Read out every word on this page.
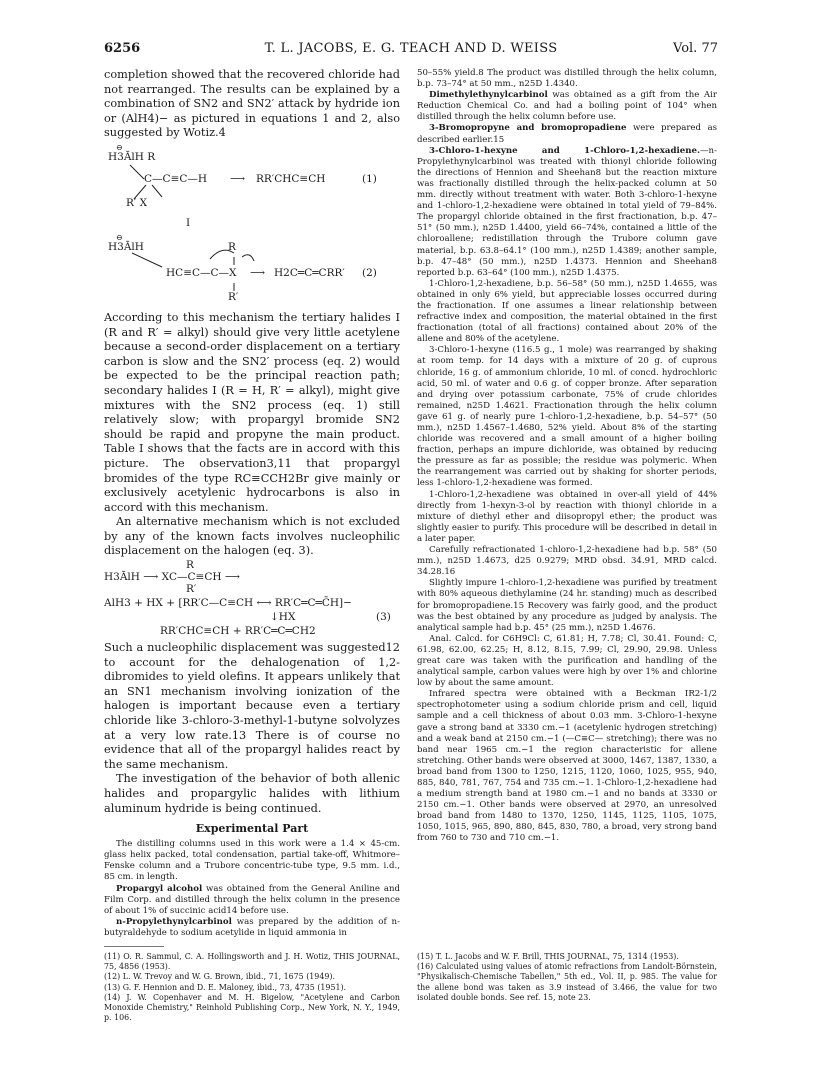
6256	T. L. JACOBS, E. G. TEACH AND D. WEISS	Vol. 77

completion showed that the recovered chloride had not rearranged. The results can be explained by a combination of SN2 and SN2′ attack by hydride ion or (AlH4)− as pictured in equations 1 and 2, also suggested by Wotiz.4

⊖
H3ĀlH R
C—C≡C—H ⟶ RR′CHC≡CH	(1)
R′ X
I
⊖
H3ĀlH	R
HC≡C—C—X ⟶ H2C═C═CRR′ (2)
R′

According to this mechanism the tertiary halides I (R and R′ = alkyl) should give very little acetylene because a second-order displacement on a tertiary carbon is slow and the SN2′ process (eq. 2) would be expected to be the principal reaction path; secondary halides I (R = H, R′ = alkyl), might give mixtures with the SN2 process (eq. 1) still relatively slow; with propargyl bromide SN2 should be rapid and propyne the main product. Table I shows that the facts are in accord with this picture. The observation3,11 that propargyl bromides of the type RC≡CCH2Br give mainly or exclusively acetylenic hydrocarbons is also in accord with this mechanism.

An alternative mechanism which is not excluded by any of the known facts involves nucleophilic displacement on the halogen (eq. 3).

R
H3ĀlH ⟶ XC—C≡CH ⟶
R′
AlH3 + HX + [RR′C—C≡CH ⟷ RR′C═C═C̄H]−
↓HX	(3)
RR′CHC≡CH + RR′C═C═CH2

Such a nucleophilic displacement was suggested12 to account for the dehalogenation of 1,2-dibromides to yield olefins. It appears unlikely that an SN1 mechanism involving ionization of the halogen is important because even a tertiary chloride like 3-chloro-3-methyl-1-butyne solvolyzes at a very low rate.13 There is of course no evidence that all of the propargyl halides react by the same mechanism.

The investigation of the behavior of both allenic halides and propargylic halides with lithium aluminum hydride is being continued.

Experimental Part

The distilling columns used in this work were a 1.4 × 45-cm. glass helix packed, total condensation, partial take-off, Whitmore–Fenske column and a Trubore concentric-tube type, 9.5 mm. i.d., 85 cm. in length.

Propargyl alcohol was obtained from the General Aniline and Film Corp. and distilled through the helix column in the presence of about 1% of succinic acid14 before use.

n-Propylethynylcarbinol was prepared by the addition of n-butyraldehyde to sodium acetylide in liquid ammonia in

50–55% yield.8 The product was distilled through the helix column, b.p. 73–74° at 50 mm., n25D 1.4340.

Dimethylethynylcarbinol was obtained as a gift from the Air Reduction Chemical Co. and had a boiling point of 104° when distilled through the helix column before use.

3-Bromopropyne and bromopropadiene were prepared as described earlier.15

3-Chloro-1-hexyne and 1-Chloro-1,2-hexadiene.—n-Propylethynylcarbinol was treated with thionyl chloride following the directions of Hennion and Sheehan8 but the reaction mixture was fractionally distilled through the helix-packed column at 50 mm. directly without treatment with water. Both 3-chloro-1-hexyne and 1-chloro-1,2-hexadiene were obtained in total yield of 79–84%. The propargyl chloride obtained in the first fractionation, b.p. 47–51° (50 mm.), n25D 1.4400, yield 66–74%, contained a little of the chloroallene; redistillation through the Trubore column gave material, b.p. 63.8–64.1° (100 mm.), n25D 1.4389; another sample, b.p. 47–48° (50 mm.), n25D 1.4373. Hennion and Sheehan8 reported b.p. 63–64° (100 mm.), n25D 1.4375.

1-Chloro-1,2-hexadiene, b.p. 56–58° (50 mm.), n25D 1.4655, was obtained in only 6% yield, but appreciable losses occurred during the fractionation. If one assumes a linear relationship between refractive index and composition, the material obtained in the first fractionation (total of all fractions) contained about 20% of the allene and 80% of the acetylene.

3-Chloro-1-hexyne (116.5 g., 1 mole) was rearranged by shaking at room temp. for 14 days with a mixture of 20 g. of cuprous chloride, 16 g. of ammonium chloride, 10 ml. of concd. hydrochloric acid, 50 ml. of water and 0.6 g. of copper bronze. After separation and drying over potassium carbonate, 75% of crude chlorides remained, n25D 1.4621. Fractionation through the helix column gave 61 g. of nearly pure 1-chloro-1,2-hexadiene, b.p. 54–57° (50 mm.), n25D 1.4567–1.4680, 52% yield. About 8% of the starting chloride was recovered and a small amount of a higher boiling fraction, perhaps an impure dichloride, was obtained by reducing the pressure as far as possible; the residue was polymeric. When the rearrangement was carried out by shaking for shorter periods, less 1-chloro-1,2-hexadiene was formed.

1-Chloro-1,2-hexadiene was obtained in over-all yield of 44% directly from 1-hexyn-3-ol by reaction with thionyl chloride in a mixture of diethyl ether and diisopropyl ether; the product was slightly easier to purify. This procedure will be described in detail in a later paper.

Carefully refractionated 1-chloro-1,2-hexadiene had b.p. 58° (50 mm.), n25D 1.4673, d25 0.9279; MRD obsd. 34.91, MRD calcd. 34.28.16

Slightly impure 1-chloro-1,2-hexadiene was purified by treatment with 80% aqueous diethylamine (24 hr. standing) much as described for bromopropadiene.15 Recovery was fairly good, and the product was the best obtained by any procedure as judged by analysis. The analytical sample had b.p. 45° (25 mm.), n25D 1.4676.

Anal. Calcd. for C6H9Cl: C, 61.81; H, 7.78; Cl, 30.41. Found: C, 61.98, 62.00, 62.25; H, 8.12, 8.15, 7.99; Cl, 29.90, 29.98. Unless great care was taken with the purification and handling of the analytical sample, carbon values were high by over 1% and chlorine low by about the same amount.

Infrared spectra were obtained with a Beckman IR2-1/2 spectrophotometer using a sodium chloride prism and cell, liquid sample and a cell thickness of about 0.03 mm. 3-Chloro-1-hexyne gave a strong band at 3330 cm.−1 (acetylenic hydrogen stretching) and a weak band at 2150 cm.−1 (—C≡C— stretching); there was no band near 1965 cm.−1 the region characteristic for allene stretching. Other bands were observed at 3000, 1467, 1387, 1330, a broad band from 1300 to 1250, 1215, 1120, 1060, 1025, 955, 940, 885, 840, 781, 767, 754 and 735 cm.−1. 1-Chloro-1,2-hexadiene had a medium strength band at 1980 cm.−1 and no bands at 3330 or 2150 cm.−1. Other bands were observed at 2970, an unresolved broad band from 1480 to 1370, 1250, 1145, 1125, 1105, 1075, 1050, 1015, 965, 890, 880, 845, 830, 780, a broad, very strong band from 760 to 730 and 710 cm.−1.

(11) O. R. Sammul, C. A. Hollingsworth and J. H. Wotiz, THIS JOURNAL, 75, 4856 (1953).

(12) L. W. Trevoy and W. G. Brown, ibid., 71, 1675 (1949).

(13) G. F. Hennion and D. E. Maloney, ibid., 73, 4735 (1951).

(14) J. W. Copenhaver and M. H. Bigelow, "Acetylene and Carbon Monoxide Chemistry," Reinhold Publishing Corp., New York, N. Y., 1949, p. 106.

(15) T. L. Jacobs and W. F. Brill, THIS JOURNAL, 75, 1314 (1953).

(16) Calculated using values of atomic refractions from Landolt-Börnstein, "Physikalisch-Chemische Tabellen," 5th ed., Vol. II, p. 985. The value for the allene bond was taken as 3.9 instead of 3.466, the value for two isolated double bonds. See ref. 15, note 23.
